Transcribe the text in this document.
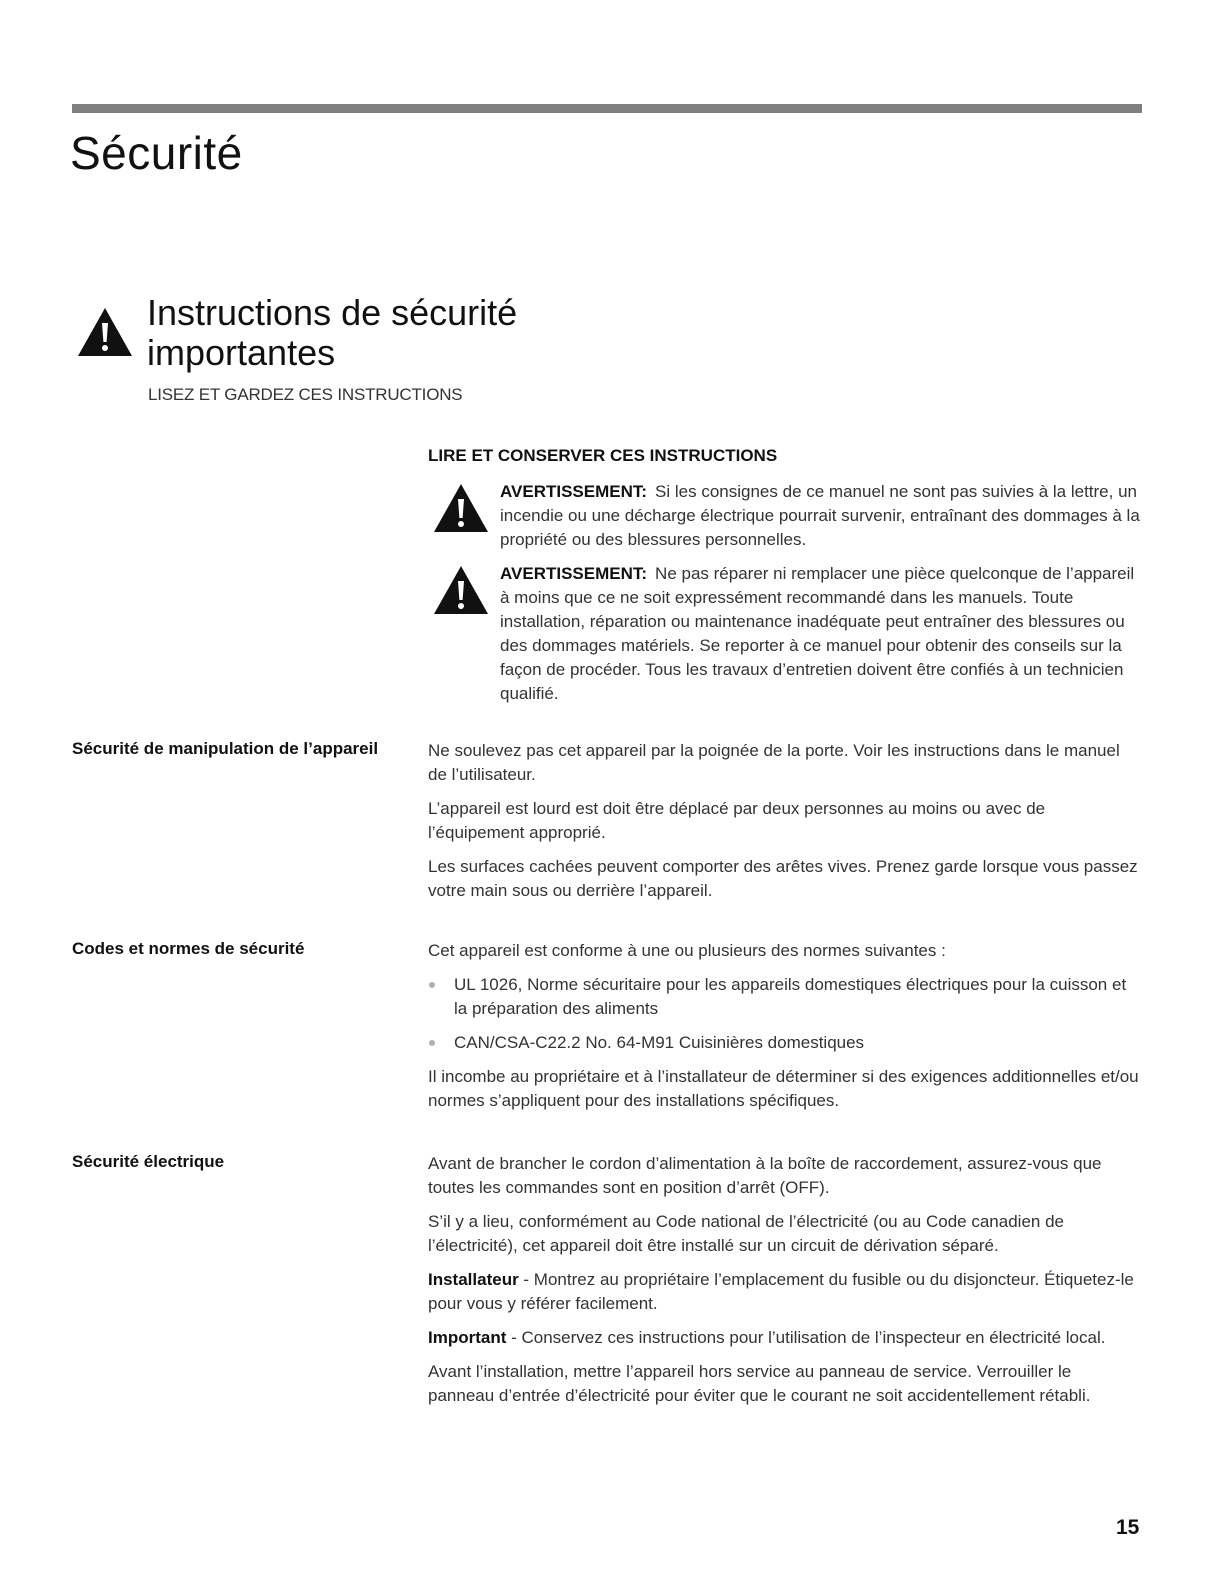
Sécurité
Instructions de sécurité
importantes
LISEZ ET GARDEZ CES INSTRUCTIONS
LIRE ET CONSERVER CES INSTRUCTIONS
AVERTISSEMENT: Si les consignes de ce manuel ne sont pas suivies à la lettre, un incendie ou une décharge électrique pourrait survenir, entraînant des dommages à la propriété ou des blessures personnelles.
AVERTISSEMENT: Ne pas réparer ni remplacer une pièce quelconque de l’appareil à moins que ce ne soit expressément recommandé dans les manuels. Toute installation, réparation ou maintenance inadéquate peut entraîner des blessures ou des dommages matériels. Se reporter à ce manuel pour obtenir des conseils sur la façon de procéder. Tous les travaux d’entretien doivent être confiés à un technicien qualifié.
Sécurité de manipulation de l’appareil	Ne soulevez pas cet appareil par la poignée de la porte. Voir les instructions dans le manuel de l’utilisateur.

L’appareil est lourd est doit être déplacé par deux personnes au moins ou avec de l’équipement approprié.

Les surfaces cachées peuvent comporter des arêtes vives. Prenez garde lorsque vous passez votre main sous ou derrière l’appareil.

Codes et normes de sécurité	Cet appareil est conforme à une ou plusieurs des normes suivantes :

UL 1026, Norme sécuritaire pour les appareils domestiques électriques pour la cuisson et la préparation des aliments
CAN/CSA-C22.2 No. 64-M91 Cuisinières domestiques

Il incombe au propriétaire et à l’installateur de déterminer si des exigences additionnelles et/ou normes s’appliquent pour des installations spécifiques.

Sécurité électrique	Avant de brancher le cordon d’alimentation à la boîte de raccordement, assurez-vous que toutes les commandes sont en position d’arrêt (OFF).

S’il y a lieu, conformément au Code national de l’électricité (ou au Code canadien de l’électricité), cet appareil doit être installé sur un circuit de dérivation séparé.

Installateur - Montrez au propriétaire l’emplacement du fusible ou du disjoncteur. Étiquetez-le pour vous y référer facilement.

Important - Conservez ces instructions pour l’utilisation de l’inspecteur en électricité local.

Avant l’installation, mettre l’appareil hors service au panneau de service. Verrouiller le panneau d’entrée d’électricité pour éviter que le courant ne soit accidentellement rétabli.

15
